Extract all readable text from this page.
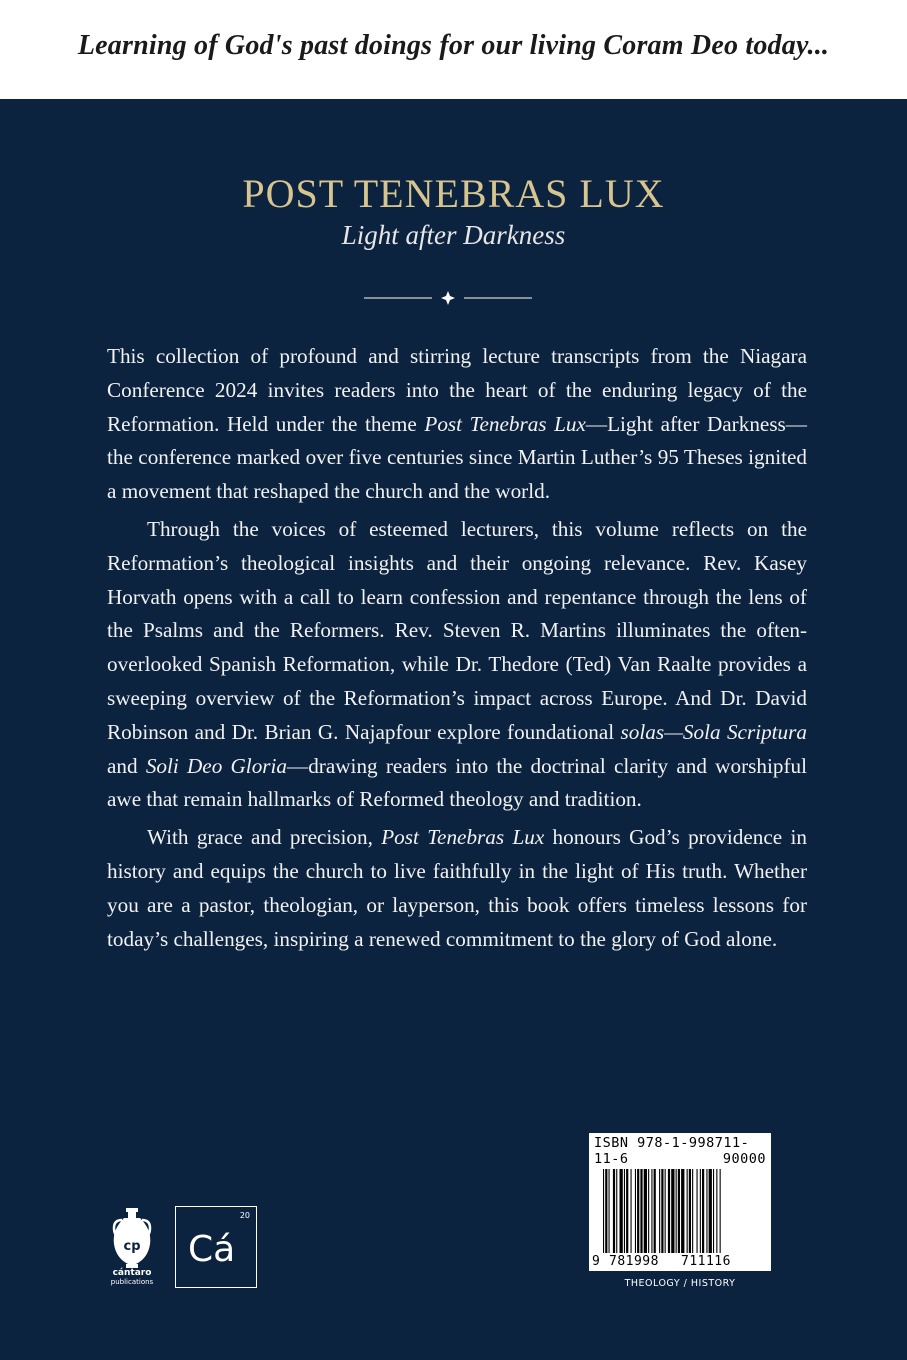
Learning of God's past doings for our living Coram Deo today...
POST TENEBRAS LUX
Light after Darkness

This collection of profound and stirring lecture transcripts from the Niagara Conference 2024 invites readers into the heart of the enduring legacy of the Reformation. Held under the theme Post Tenebras Lux—Light after Darkness—the conference marked over five centuries since Martin Luther’s 95 Theses ignited a movement that reshaped the church and the world.

Through the voices of esteemed lecturers, this volume reflects on the Reformation’s theological insights and their ongoing relevance. Rev. Kasey Horvath opens with a call to learn confession and repentance through the lens of the Psalms and the Reformers. Rev. Steven R. Martins illuminates the often-overlooked Spanish Reformation, while Dr. Thedore (Ted) Van Raalte provides a sweeping overview of the Reformation’s impact across Europe. And Dr. David Robinson and Dr. Brian G. Najapfour explore foundational solas—Sola Scriptura and Soli Deo Gloria—drawing readers into the doctrinal clarity and worshipful awe that remain hallmarks of Reformed theology and tradition.

With grace and precision, Post Tenebras Lux honours God’s providence in history and equips the church to live faithfully in the light of His truth. Whether you are a pastor, theologian, or layperson, this book offers timeless lessons for today’s challenges, inspiring a renewed commitment to the glory of God alone.

cp
cántaro
publications
20
Cá
ISBN 978-1-998711-11-6	90000
9 781998 711116
THEOLOGY / HISTORY
